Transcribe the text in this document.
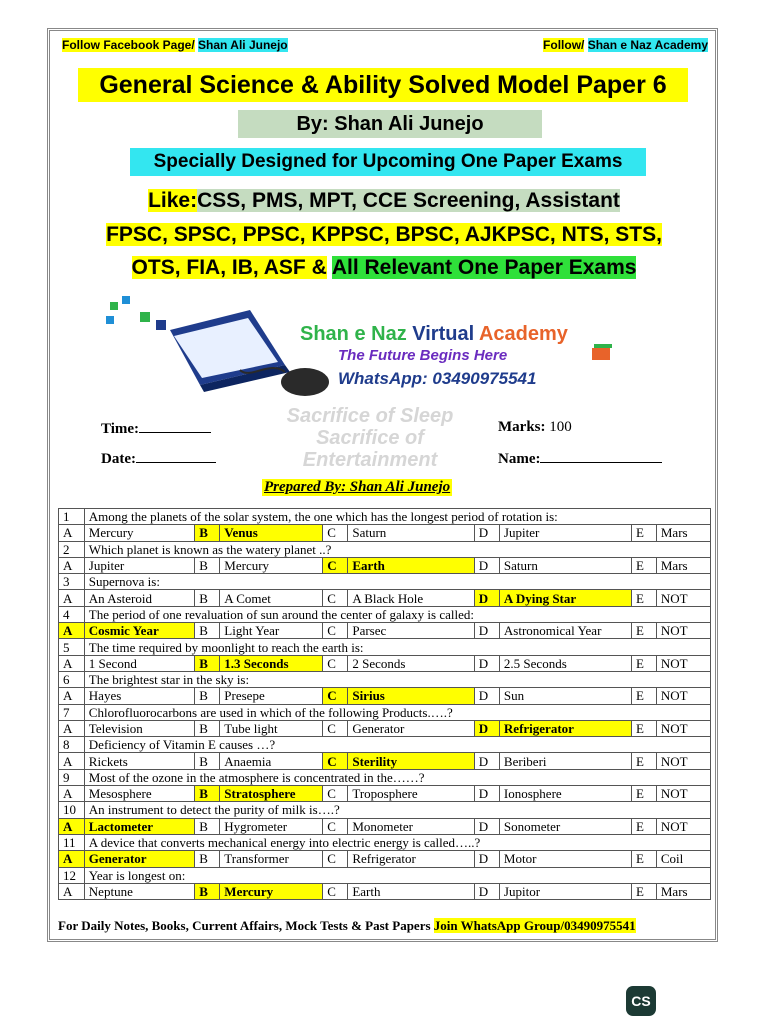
Follow Facebook Page/ Shan Ali Junejo	Follow/ Shan e Naz Academy
General Science & Ability Solved Model Paper 6
By: Shan Ali Junejo
Specially Designed for Upcoming One Paper Exams
Like:CSS, PMS, MPT, CCE Screening, Assistant
FPSC, SPSC, PPSC, KPPSC, BPSC, AJKPSC, NTS, STS,
OTS, FIA, IB, ASF & All Relevant One Paper Exams
Shan e Naz Virtual Academy
The Future Begins Here
WhatsApp: 03490975541
Sacrifice of Sleep
Sacrifice of
Entertainment
Time:	Marks: 100
Date:	Name:
Prepared By: Shan Ali Junejo
1	Among the planets of the solar system, the one which has the longest period of rotation is:								
A	Mercury	B	Venus	C	Saturn	D	Jupiter	E	Mars
2	Which planet is known as the watery planet ..?								
A	Jupiter	B	Mercury	C	Earth	D	Saturn	E	Mars
3	Supernova is:								
A	An Asteroid	B	A Comet	C	A Black Hole	D	A Dying Star	E	NOT
4	The period of one revaluation of sun around the center of galaxy is called:								
A	Cosmic Year	B	Light Year	C	Parsec	D	Astronomical Year	E	NOT
5	The time required by moonlight to reach the earth is:								
A	1 Second	B	1.3 Seconds	C	2 Seconds	D	2.5 Seconds	E	NOT
6	The brightest star in the sky is:								
A	Hayes	B	Presepe	C	Sirius	D	Sun	E	NOT
7	Chlorofluorocarbons are used in which of the following Products.….?								
A	Television	B	Tube light	C	Generator	D	Refrigerator	E	NOT
8	Deficiency of Vitamin E causes …?								
A	Rickets	B	Anaemia	C	Sterility	D	Beriberi	E	NOT
9	Most of the ozone in the atmosphere is concentrated in the……?								
A	Mesosphere	B	Stratosphere	C	Troposphere	D	Ionosphere	E	NOT
10	An instrument to detect the purity of milk is….?								
A	Lactometer	B	Hygrometer	C	Monometer	D	Sonometer	E	NOT
11	A device that converts mechanical energy into electric energy is called…..?								
A	Generator	B	Transformer	C	Refrigerator	D	Motor	E	Coil
12	Year is longest on:								
A	Neptune	B	Mercury	C	Earth	D	Jupitor	E	Mars
For Daily Notes, Books, Current Affairs, Mock Tests & Past Papers Join WhatsApp Group/03490975541
CS
